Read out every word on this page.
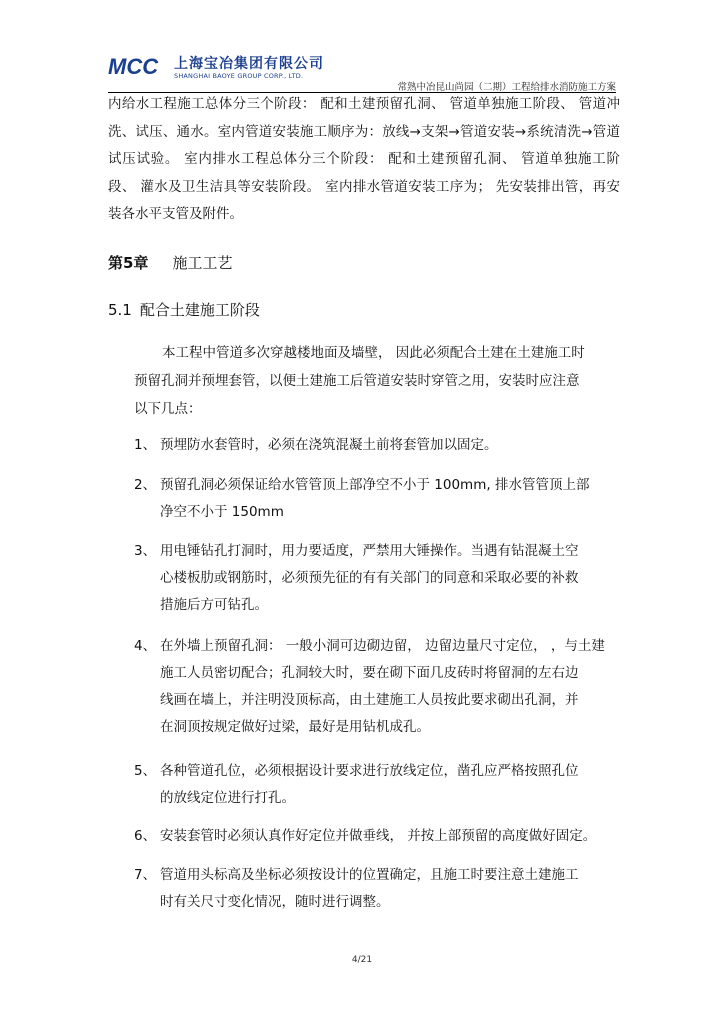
MCC 上海宝冶集团有限公司
SHANGHAI BAOYE GROUP CORP., LTD.
常熟中冶昆山尚园（二期）工程给排水消防施工方案

内给水工程施工总体分三个阶段： 配和土建预留孔洞、 管道单独施工阶段、 管道冲洗、试压、通水。室内管道安装施工顺序为：放线→支架→管道安装→系统清洗→管道试压试验。 室内排水工程总体分三个阶段： 配和土建预留孔洞、 管道单独施工阶段、 灌水及卫生洁具等安装阶段。 室内排水管道安装工序为； 先安装排出管，再安装各水平支管及附件。

第5章 施工工艺
5.1 配合土建施工阶段
本工程中管道多次穿越楼地面及墙壁， 因此必须配合土建在土建施工时
预留孔洞并预埋套管，以便土建施工后管道安装时穿管之用，安装时应注意
以下几点：
1、 预埋防水套管时，必须在浇筑混凝土前将套管加以固定。
2、 预留孔洞必须保证给水管管顶上部净空不小于 100mm, 排水管管顶上部
净空不小于 150mm
3、 用电锤钻孔打洞时，用力要适度，严禁用大锤操作。当遇有钻混凝土空
心楼板肋或钢筋时，必须预先征的有有关部门的同意和采取必要的补救
措施后方可钻孔。
4、 在外墙上预留孔洞： 一般小洞可边砌边留， 边留边量尺寸定位， ，与土建
施工人员密切配合；孔洞较大时，要在砌下面几皮砖时将留洞的左右边
线画在墙上，并注明没顶标高，由土建施工人员按此要求砌出孔洞，并
在洞顶按规定做好过梁，最好是用钻机成孔。
5、 各种管道孔位，必须根据设计要求进行放线定位，凿孔应严格按照孔位
的放线定位进行打孔。
6、 安装套管时必须认真作好定位并做垂线， 并按上部预留的高度做好固定。
7、 管道用头标高及坐标必须按设计的位置确定，且施工时要注意土建施工
时有关尺寸变化情况，随时进行调整。
4/21
